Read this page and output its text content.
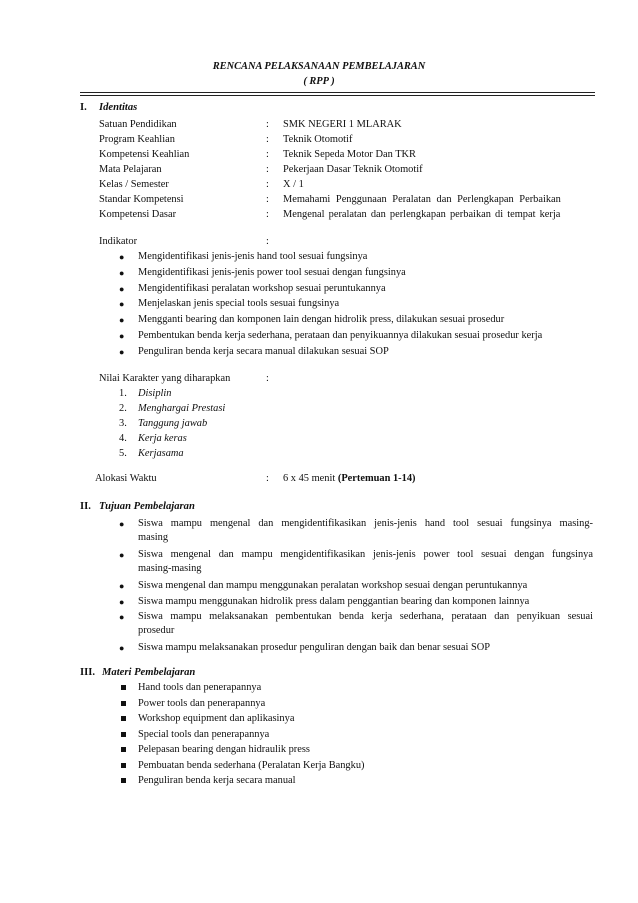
RENCANA PELAKSANAAN PEMBELAJARAN
( RPP )
I. Identitas
Satuan Pendidikan	: SMK NEGERI 1 MLARAK
Program Keahlian	: Teknik Otomotif
Kompetensi Keahlian	: Teknik Sepeda Motor Dan TKR
Mata Pelajaran	: Pekerjaan Dasar Teknik Otomotif
Kelas / Semester	: X / 1
Standar Kompetensi	: Memahami Penggunaan Peralatan dan Perlengkapan Perbaikan
Kompetensi Dasar	: Mengenal peralatan dan perlengkapan perbaikan di tempat kerja
Indikator	:
● Mengidentifikasi jenis-jenis hand tool sesuai fungsinya
● Mengidentifikasi jenis-jenis power tool sesuai dengan fungsinya
● Mengidentifikasi peralatan workshop sesuai peruntukannya
● Menjelaskan jenis special tools sesuai fungsinya
● Mengganti bearing dan komponen lain dengan hidrolik press, dilakukan sesuai prosedur
● Pembentukan benda kerja sederhana, perataan dan penyikuannya dilakukan sesuai prosedur kerja
● Penguliran benda kerja secara manual dilakukan sesuai SOP
Nilai Karakter yang diharapkan	:
1. Disiplin
2. Menghargai Prestasi
3. Tanggung jawab
4. Kerja keras
5. Kerjasama
Alokasi Waktu	: 6 x 45 menit (Pertemuan 1-14)
II. Tujuan Pembelajaran
● Siswa mampu mengenal dan mengidentifikasikan jenis-jenis hand tool sesuai fungsinya masing-
masing
● Siswa mengenal dan mampu mengidentifikasikan jenis-jenis power tool sesuai dengan fungsinya
masing-masing
● Siswa mengenal dan mampu menggunakan peralatan workshop sesuai dengan peruntukannya
● Siswa mampu menggunakan hidrolik press dalam penggantian bearing dan komponen lainnya
● Siswa mampu melaksanakan pembentukan benda kerja sederhana, perataan dan penyikuan sesuai
prosedur
● Siswa mampu melaksanakan prosedur penguliran dengan baik dan benar sesuai SOP
III. Materi Pembelajaran
Hand tools dan penerapannya
Power tools dan penerapannya
Workshop equipment dan aplikasinya
Special tools dan penerapannya
Pelepasan bearing dengan hidraulik press
Pembuatan benda sederhana (Peralatan Kerja Bangku)
Penguliran benda kerja secara manual
